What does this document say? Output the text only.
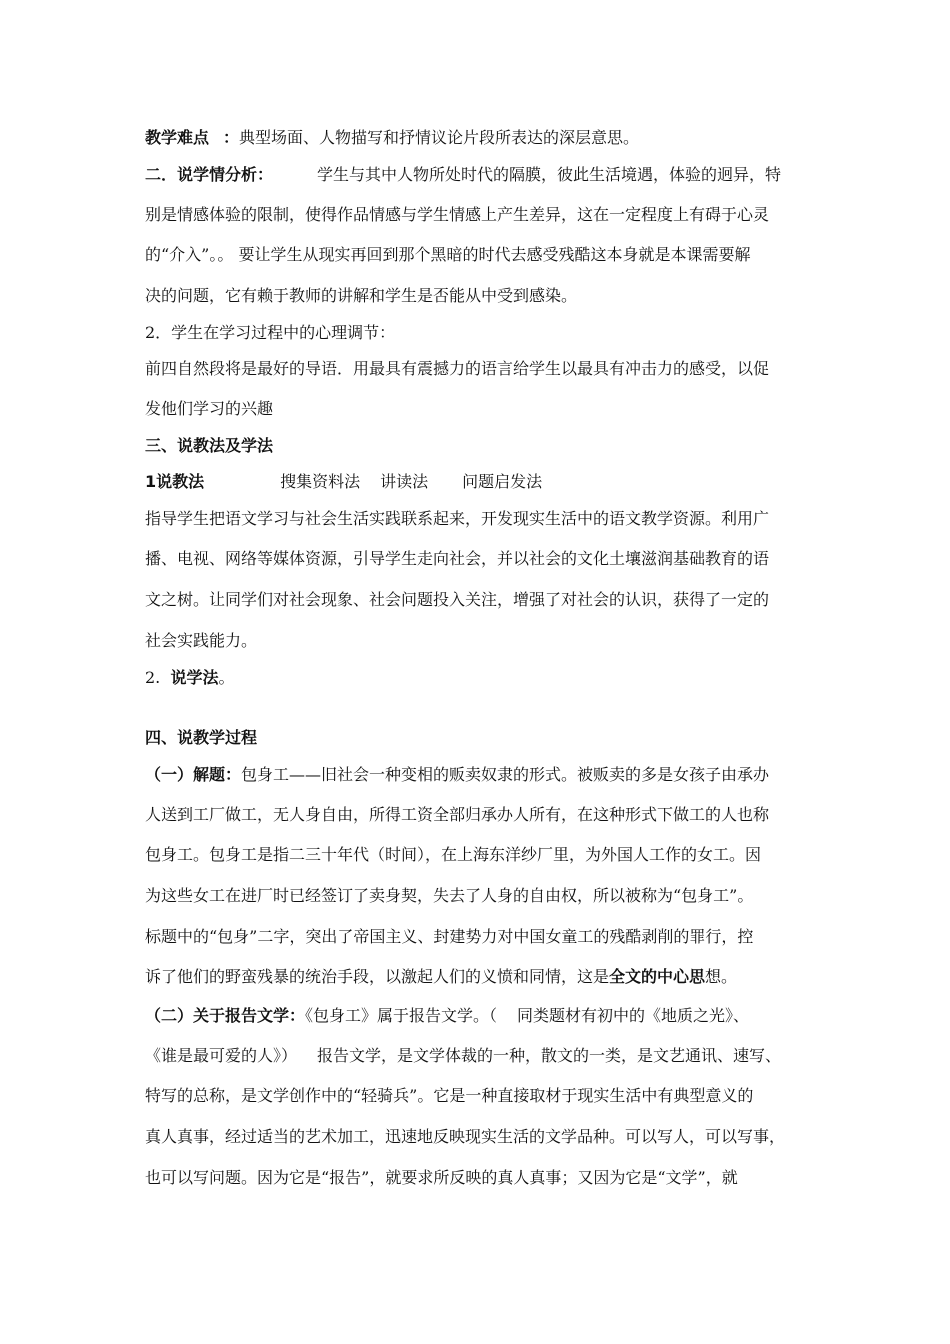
教学难点 ：典型场面、人物描写和抒情议论片段所表达的深层意思。
二．说学情分析：	学生与其中人物所处时代的隔膜，彼此生活境遇，体验的迥异，特
别是情感体验的限制，使得作品情感与学生情感上产生差异，这在一定程度上有碍于心灵
的“介入”。。 要让学生从现实再回到那个黑暗的时代去感受残酷这本身就是本课需要解
决的问题，它有赖于教师的讲解和学生是否能从中受到感染。
2．学生在学习过程中的心理调节：
前四自然段将是最好的导语．用最具有震撼力的语言给学生以最具有冲击力的感受，以促
发他们学习的兴趣
三、说教法及学法
1说教法	搜集资料法 讲读法 问题启发法
指导学生把语文学习与社会生活实践联系起来，开发现实生活中的语文教学资源。利用广
播、电视、网络等媒体资源，引导学生走向社会，并以社会的文化土壤滋润基础教育的语
文之树。让同学们对社会现象、社会问题投入关注，增强了对社会的认识，获得了一定的
社会实践能力。
2. 说学法。
四、说教学过程
（一）解题：包身工——旧社会一种变相的贩卖奴隶的形式。被贩卖的多是女孩子由承办
人送到工厂做工，无人身自由，所得工资全部归承办人所有，在这种形式下做工的人也称
包身工。包身工是指二三十年代（时间），在上海东洋纱厂里，为外国人工作的女工。因
为这些女工在进厂时已经签订了卖身契，失去了人身的自由权，所以被称为“包身工”。
标题中的“包身”二字，突出了帝国主义、封建势力对中国女童工的残酷剥削的罪行，控
诉了他们的野蛮残暴的统治手段，以激起人们的义愤和同情，这是全文的中心思想。
（二）关于报告文学：《包身工》属于报告文学。（ 同类题材有初中的《地质之光》、
《谁是最可爱的人》） 报告文学，是文学体裁的一种，散文的一类，是文艺通讯、速写、
特写的总称，是文学创作中的“轻骑兵”。它是一种直接取材于现实生活中有典型意义的
真人真事，经过适当的艺术加工，迅速地反映现实生活的文学品种。可以写人，可以写事，
也可以写问题。因为它是“报告”，就要求所反映的真人真事；又因为它是“文学”，就
